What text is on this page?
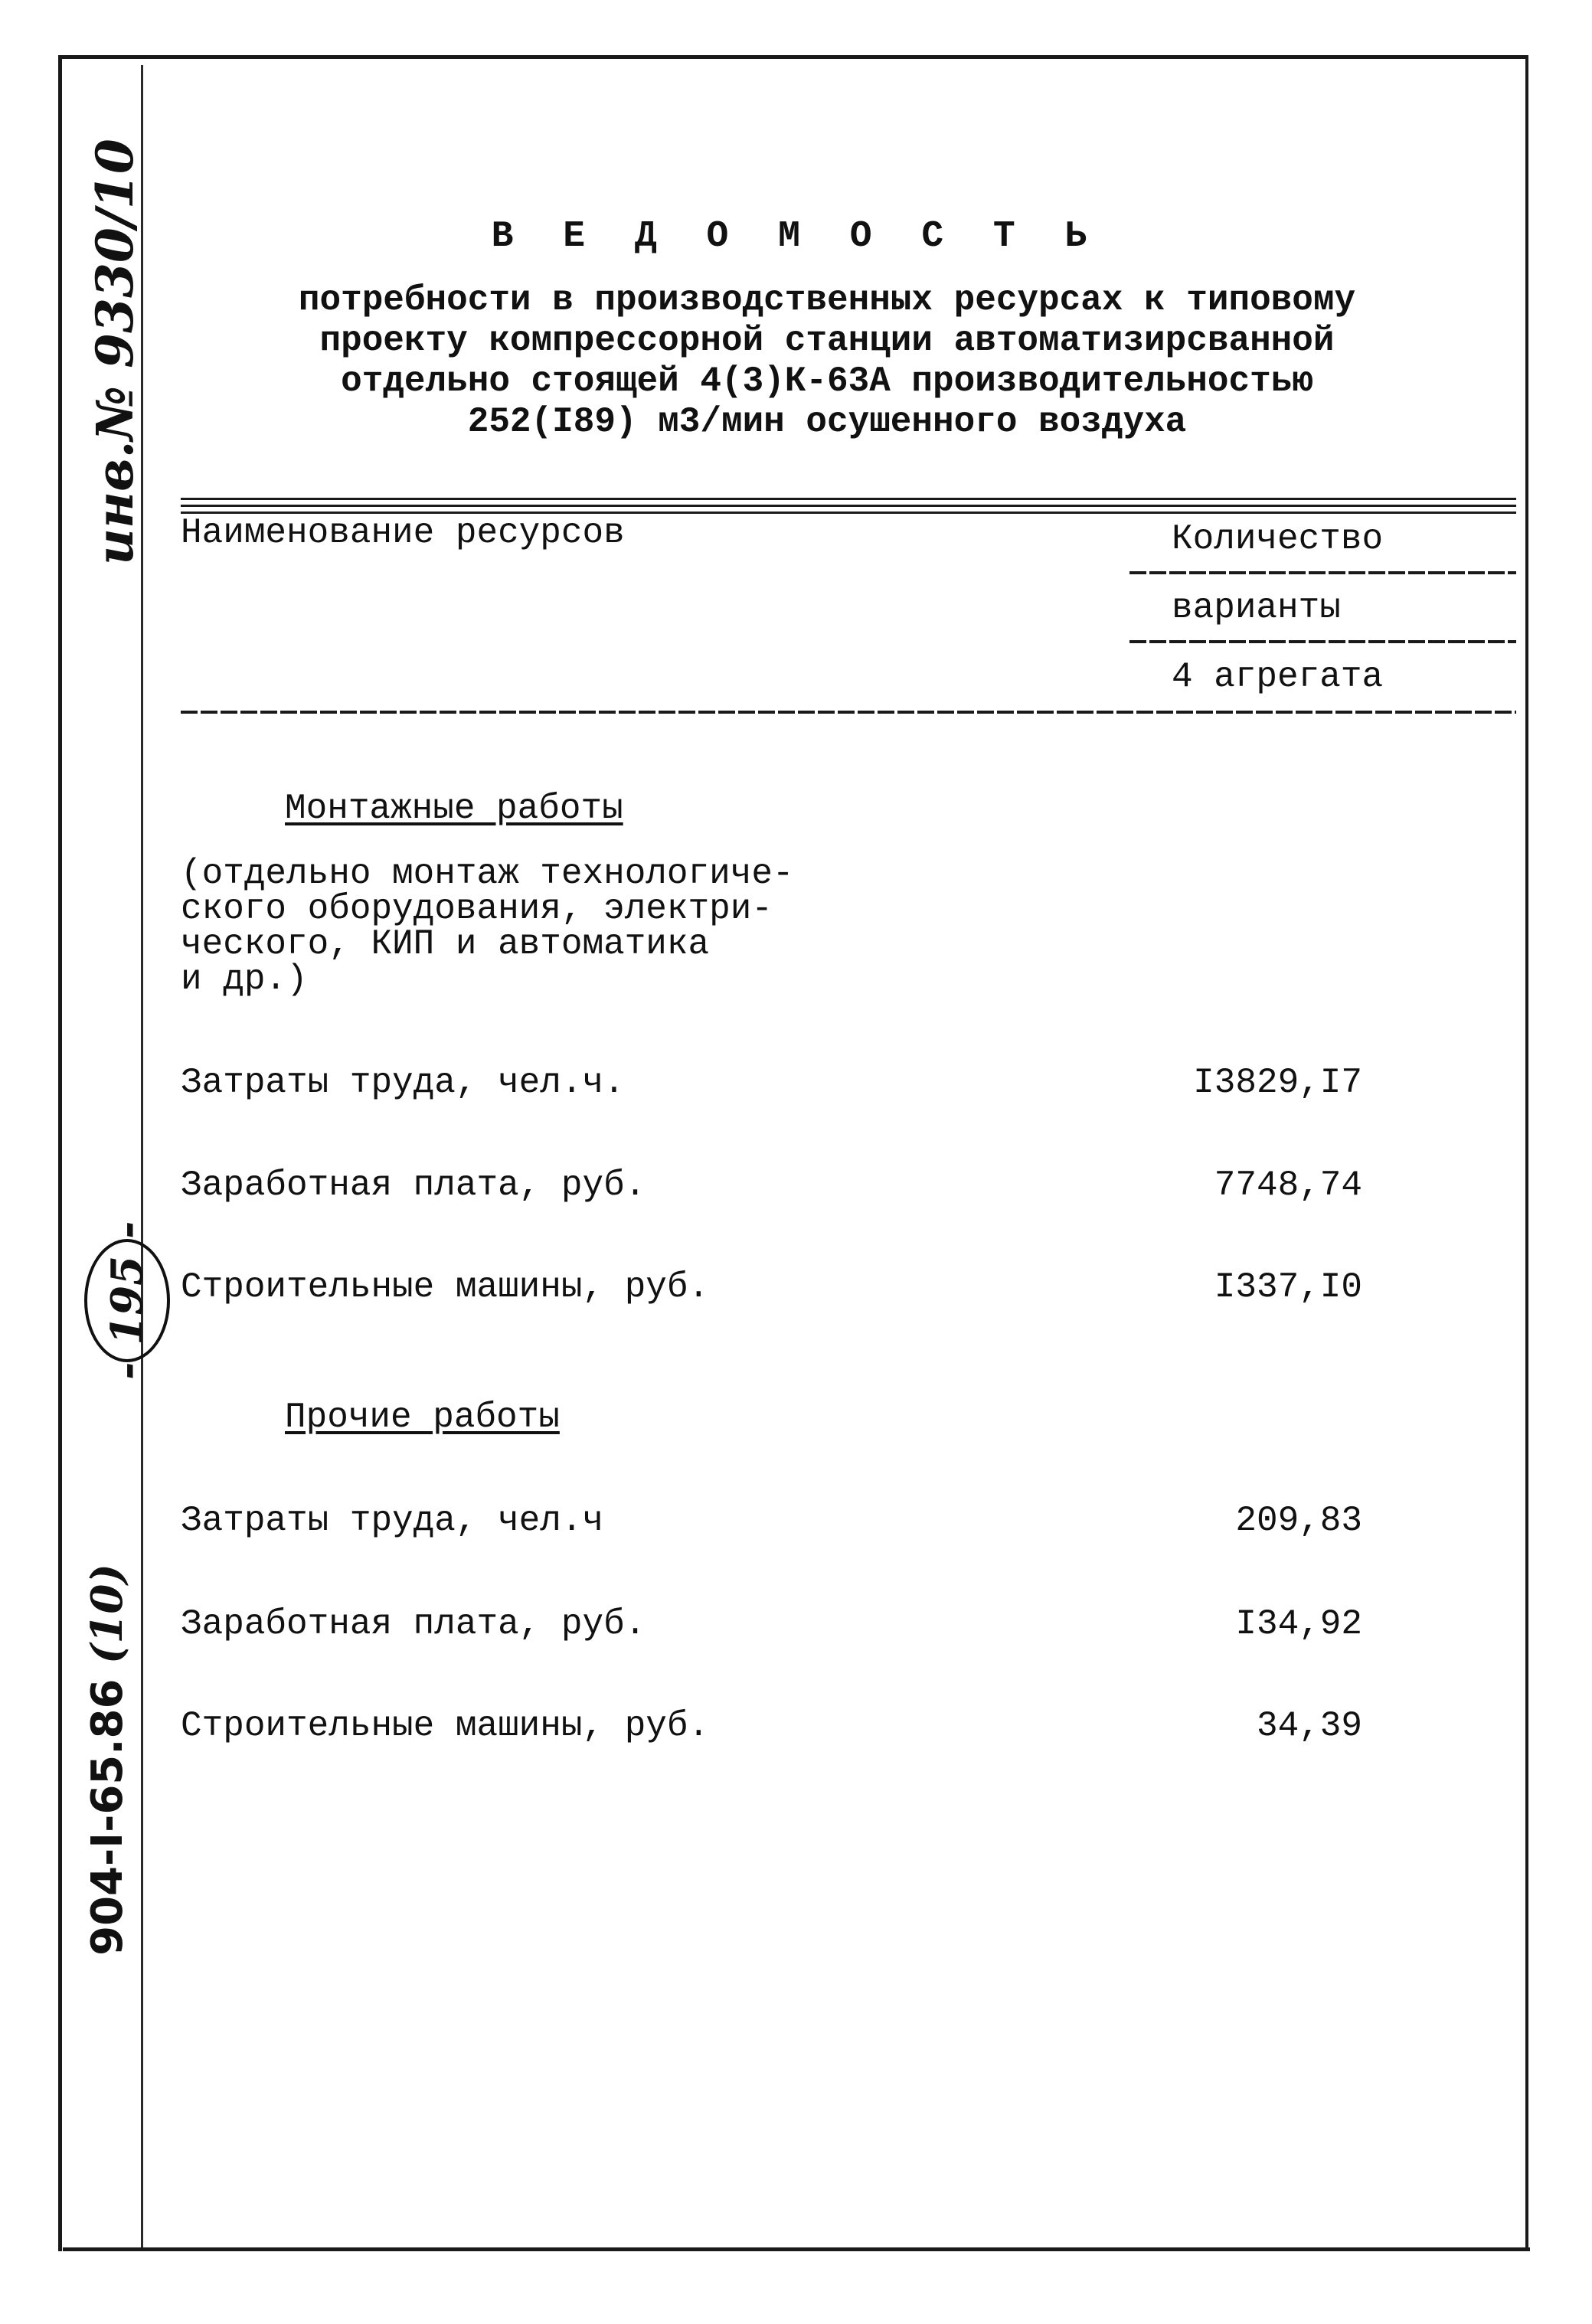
инв.№ 9330/10
-195-
904-I-65.86 (10)
В Е Д О М О С Т Ь
потребности в производственных ресурсах к типовому
проекту компрессорной станции автоматизирсванной
отдельно стоящей 4(3)К-63А производительностью
252(I89) м3/мин осушенного воздуха
Наименование ресурсов	Количество
варианты
4 агрегата
Монтажные работы
(отдельно монтаж технологиче-
ского оборудования, электри-
ческого, КИП и автоматика
и др.)
Затраты труда, чел.ч.	I3829,I7
Заработная плата, руб.	7748,74
Строительные машины, руб.	I337,I0
Прочие работы
Затраты труда, чел.ч	209,83
Заработная плата, руб.	I34,92
Строительные машины, руб.	34,39
